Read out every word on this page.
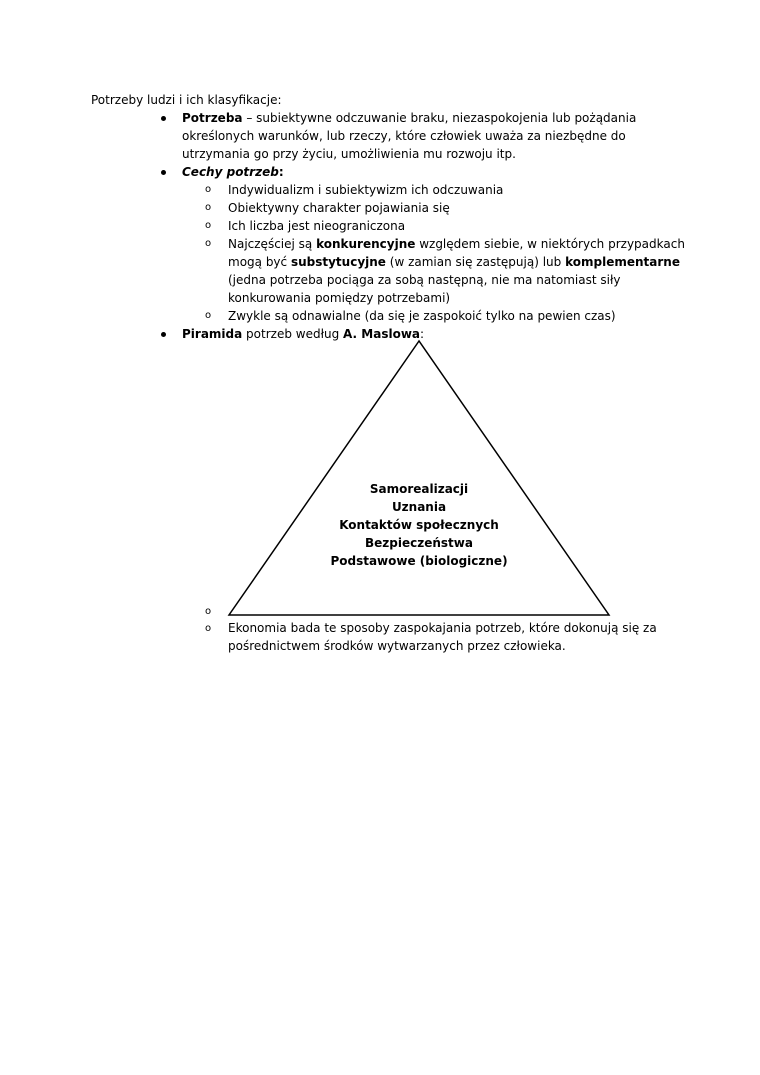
Potrzeby ludzi i ich klasyfikacje:
Potrzeba – subiektywne odczuwanie braku, niezaspokojenia lub pożądania
określonych warunków, lub rzeczy, które człowiek uważa za niezbędne do
utrzymania go przy życiu, umożliwienia mu rozwoju itp.
Cechy potrzeb:
o Indywidualizm i subiektywizm ich odczuwania
o Obiektywny charakter pojawiania się
o Ich liczba jest nieograniczona
o Najczęściej są konkurencyjne względem siebie, w niektórych przypadkach
mogą być substytucyjne (w zamian się zastępują) lub komplementarne
(jedna potrzeba pociąga za sobą następną, nie ma natomiast siły
konkurowania pomiędzy potrzebami)
o Zwykle są odnawialne (da się je zaspokoić tylko na pewien czas)
Piramida potrzeb według A. Maslowa:
Samorealizacji
Uznania
Kontaktów społecznych
Bezpieczeństwa
Podstawowe (biologiczne)
o
o Ekonomia bada te sposoby zaspokajania potrzeb, które dokonują się za
pośrednictwem środków wytwarzanych przez człowieka.
